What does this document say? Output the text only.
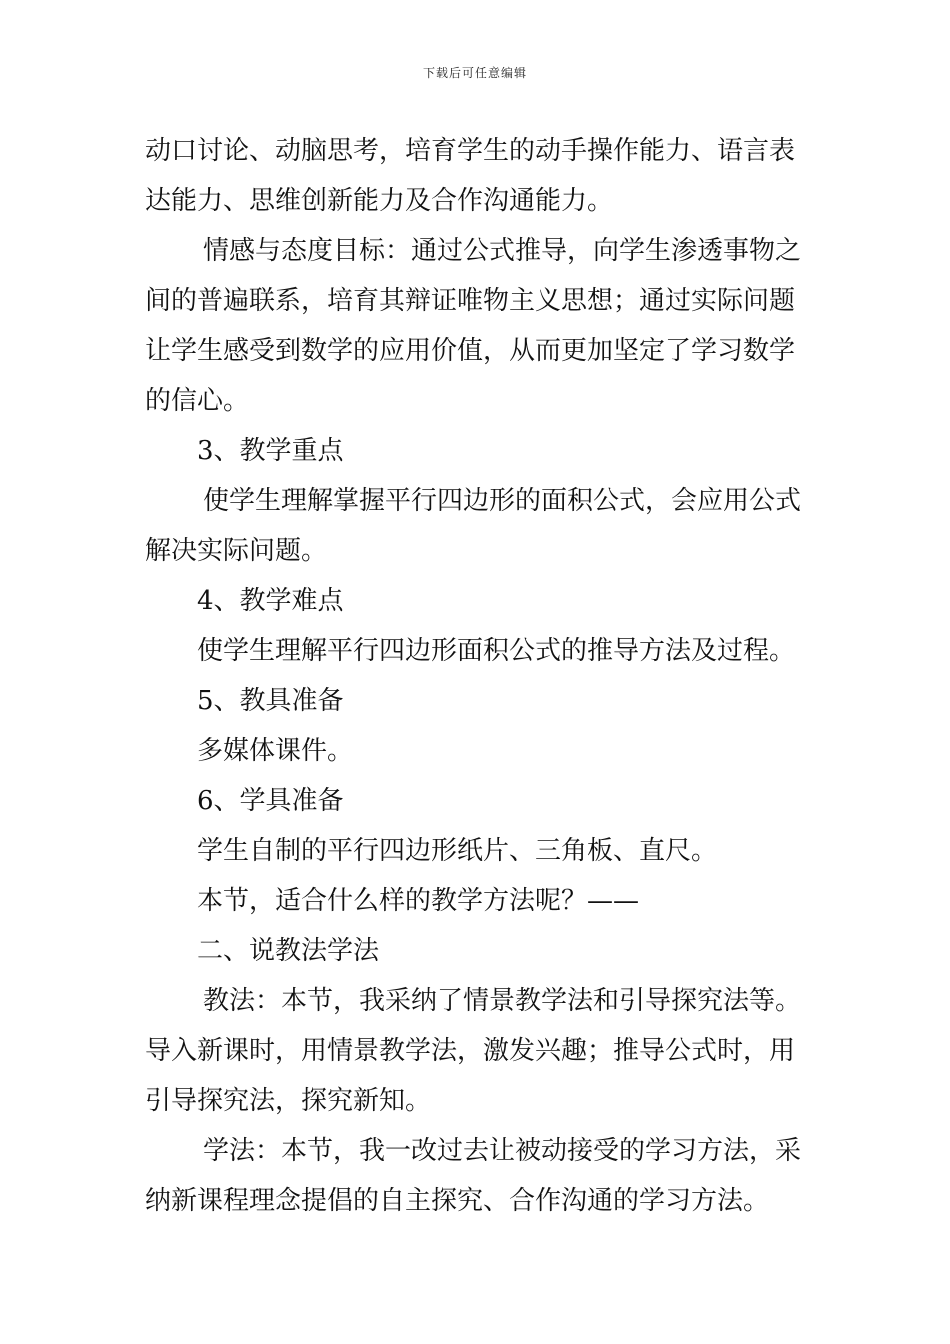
下载后可任意编辑
动口讨论、动脑思考，培育学生的动手操作能力、语言表
达能力、思维创新能力及合作沟通能力。
情感与态度目标：通过公式推导，向学生渗透事物之
间的普遍联系，培育其辩证唯物主义思想；通过实际问题
让学生感受到数学的应用价值，从而更加坚定了学习数学
的信心。
3、教学重点
使学生理解掌握平行四边形的面积公式，会应用公式
解决实际问题。
4、教学难点
使学生理解平行四边形面积公式的推导方法及过程。
5、教具准备
多媒体课件。
6、学具准备
学生自制的平行四边形纸片、三角板、直尺。
本节，适合什么样的教学方法呢？——
二、说教法学法
教法：本节，我采纳了情景教学法和引导探究法等。
导入新课时，用情景教学法，激发兴趣；推导公式时，用
引导探究法，探究新知。
学法：本节，我一改过去让被动接受的学习方法，采
纳新课程理念提倡的自主探究、合作沟通的学习方法。
